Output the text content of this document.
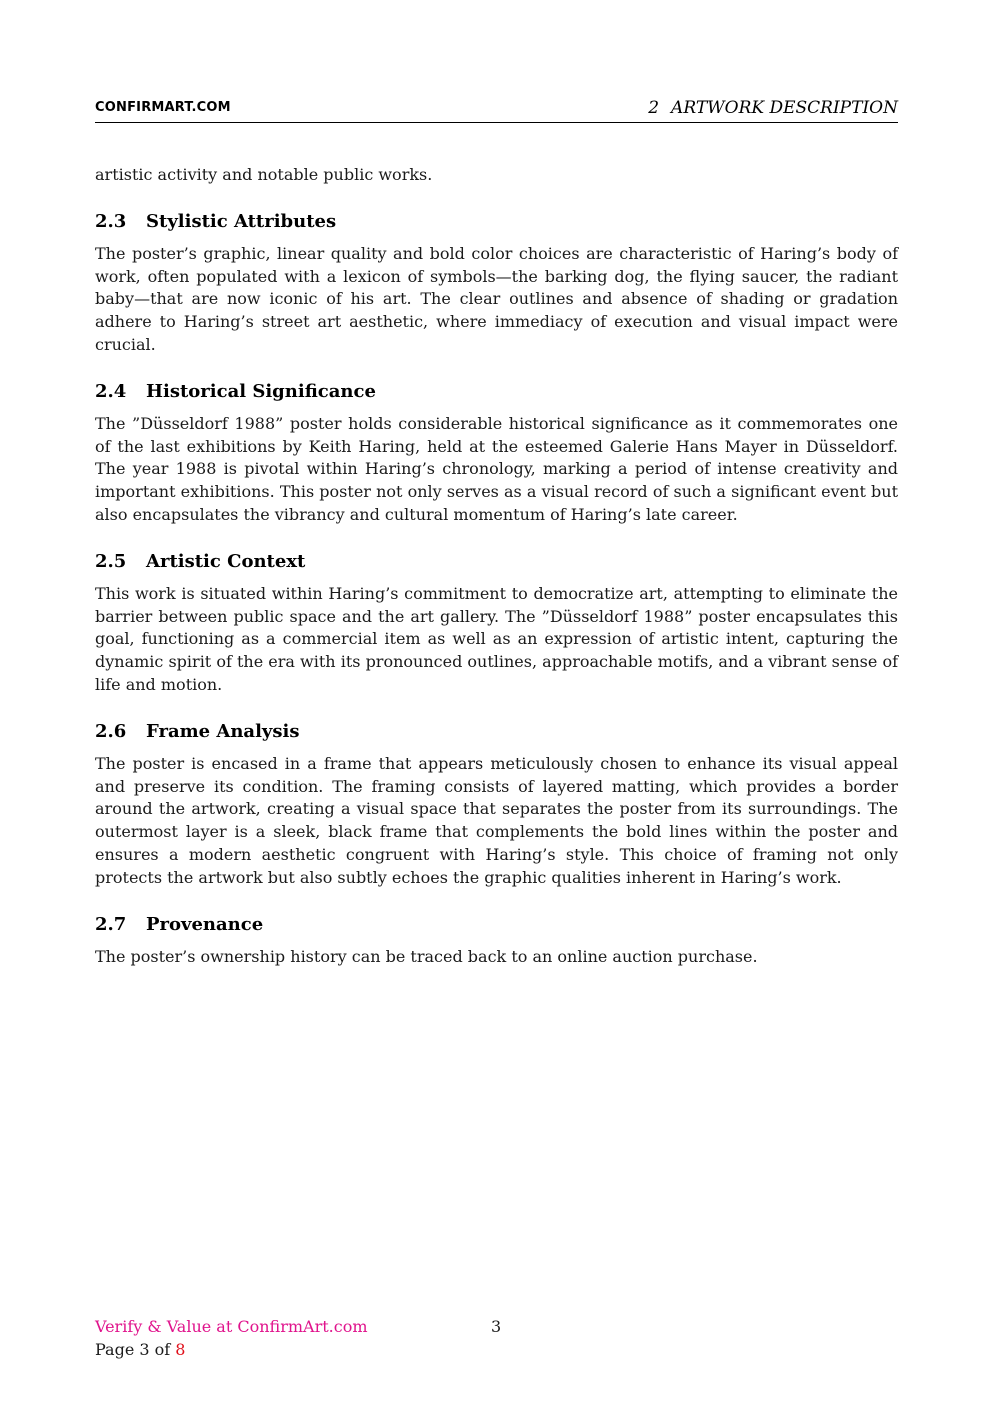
CONFIRMART.COM	2 ARTWORK DESCRIPTION

artistic activity and notable public works.

2.3 Stylistic Attributes

The poster’s graphic, linear quality and bold color choices are characteristic of Haring’s body of work, often populated with a lexicon of symbols—the barking dog, the flying saucer, the radiant baby—that are now iconic of his art. The clear outlines and absence of shading or gradation adhere to Haring’s street art aesthetic, where immediacy of execution and visual impact were crucial.

2.4 Historical Significance

The ”Düsseldorf 1988” poster holds considerable historical significance as it commemorates one of the last exhibitions by Keith Haring, held at the esteemed Galerie Hans Mayer in Düsseldorf. The year 1988 is pivotal within Haring’s chronology, marking a period of intense creativity and important exhibitions. This poster not only serves as a visual record of such a significant event but also encapsulates the vibrancy and cultural momentum of Haring’s late career.

2.5 Artistic Context

This work is situated within Haring’s commitment to democratize art, attempting to eliminate the barrier between public space and the art gallery. The ”Düsseldorf 1988” poster encapsulates this goal, functioning as a commercial item as well as an expression of artistic intent, capturing the dynamic spirit of the era with its pronounced outlines, approachable motifs, and a vibrant sense of life and motion.

2.6 Frame Analysis

The poster is encased in a frame that appears meticulously chosen to enhance its visual appeal and preserve its condition. The framing consists of layered matting, which provides a border around the artwork, creating a visual space that separates the poster from its surroundings. The outermost layer is a sleek, black frame that complements the bold lines within the poster and ensures a modern aesthetic congruent with Haring’s style. This choice of framing not only protects the artwork but also subtly echoes the graphic qualities inherent in Haring’s work.

2.7 Provenance

The poster’s ownership history can be traced back to an online auction purchase.

Verify & Value at ConfirmArt.com	3
Page 3 of 8
